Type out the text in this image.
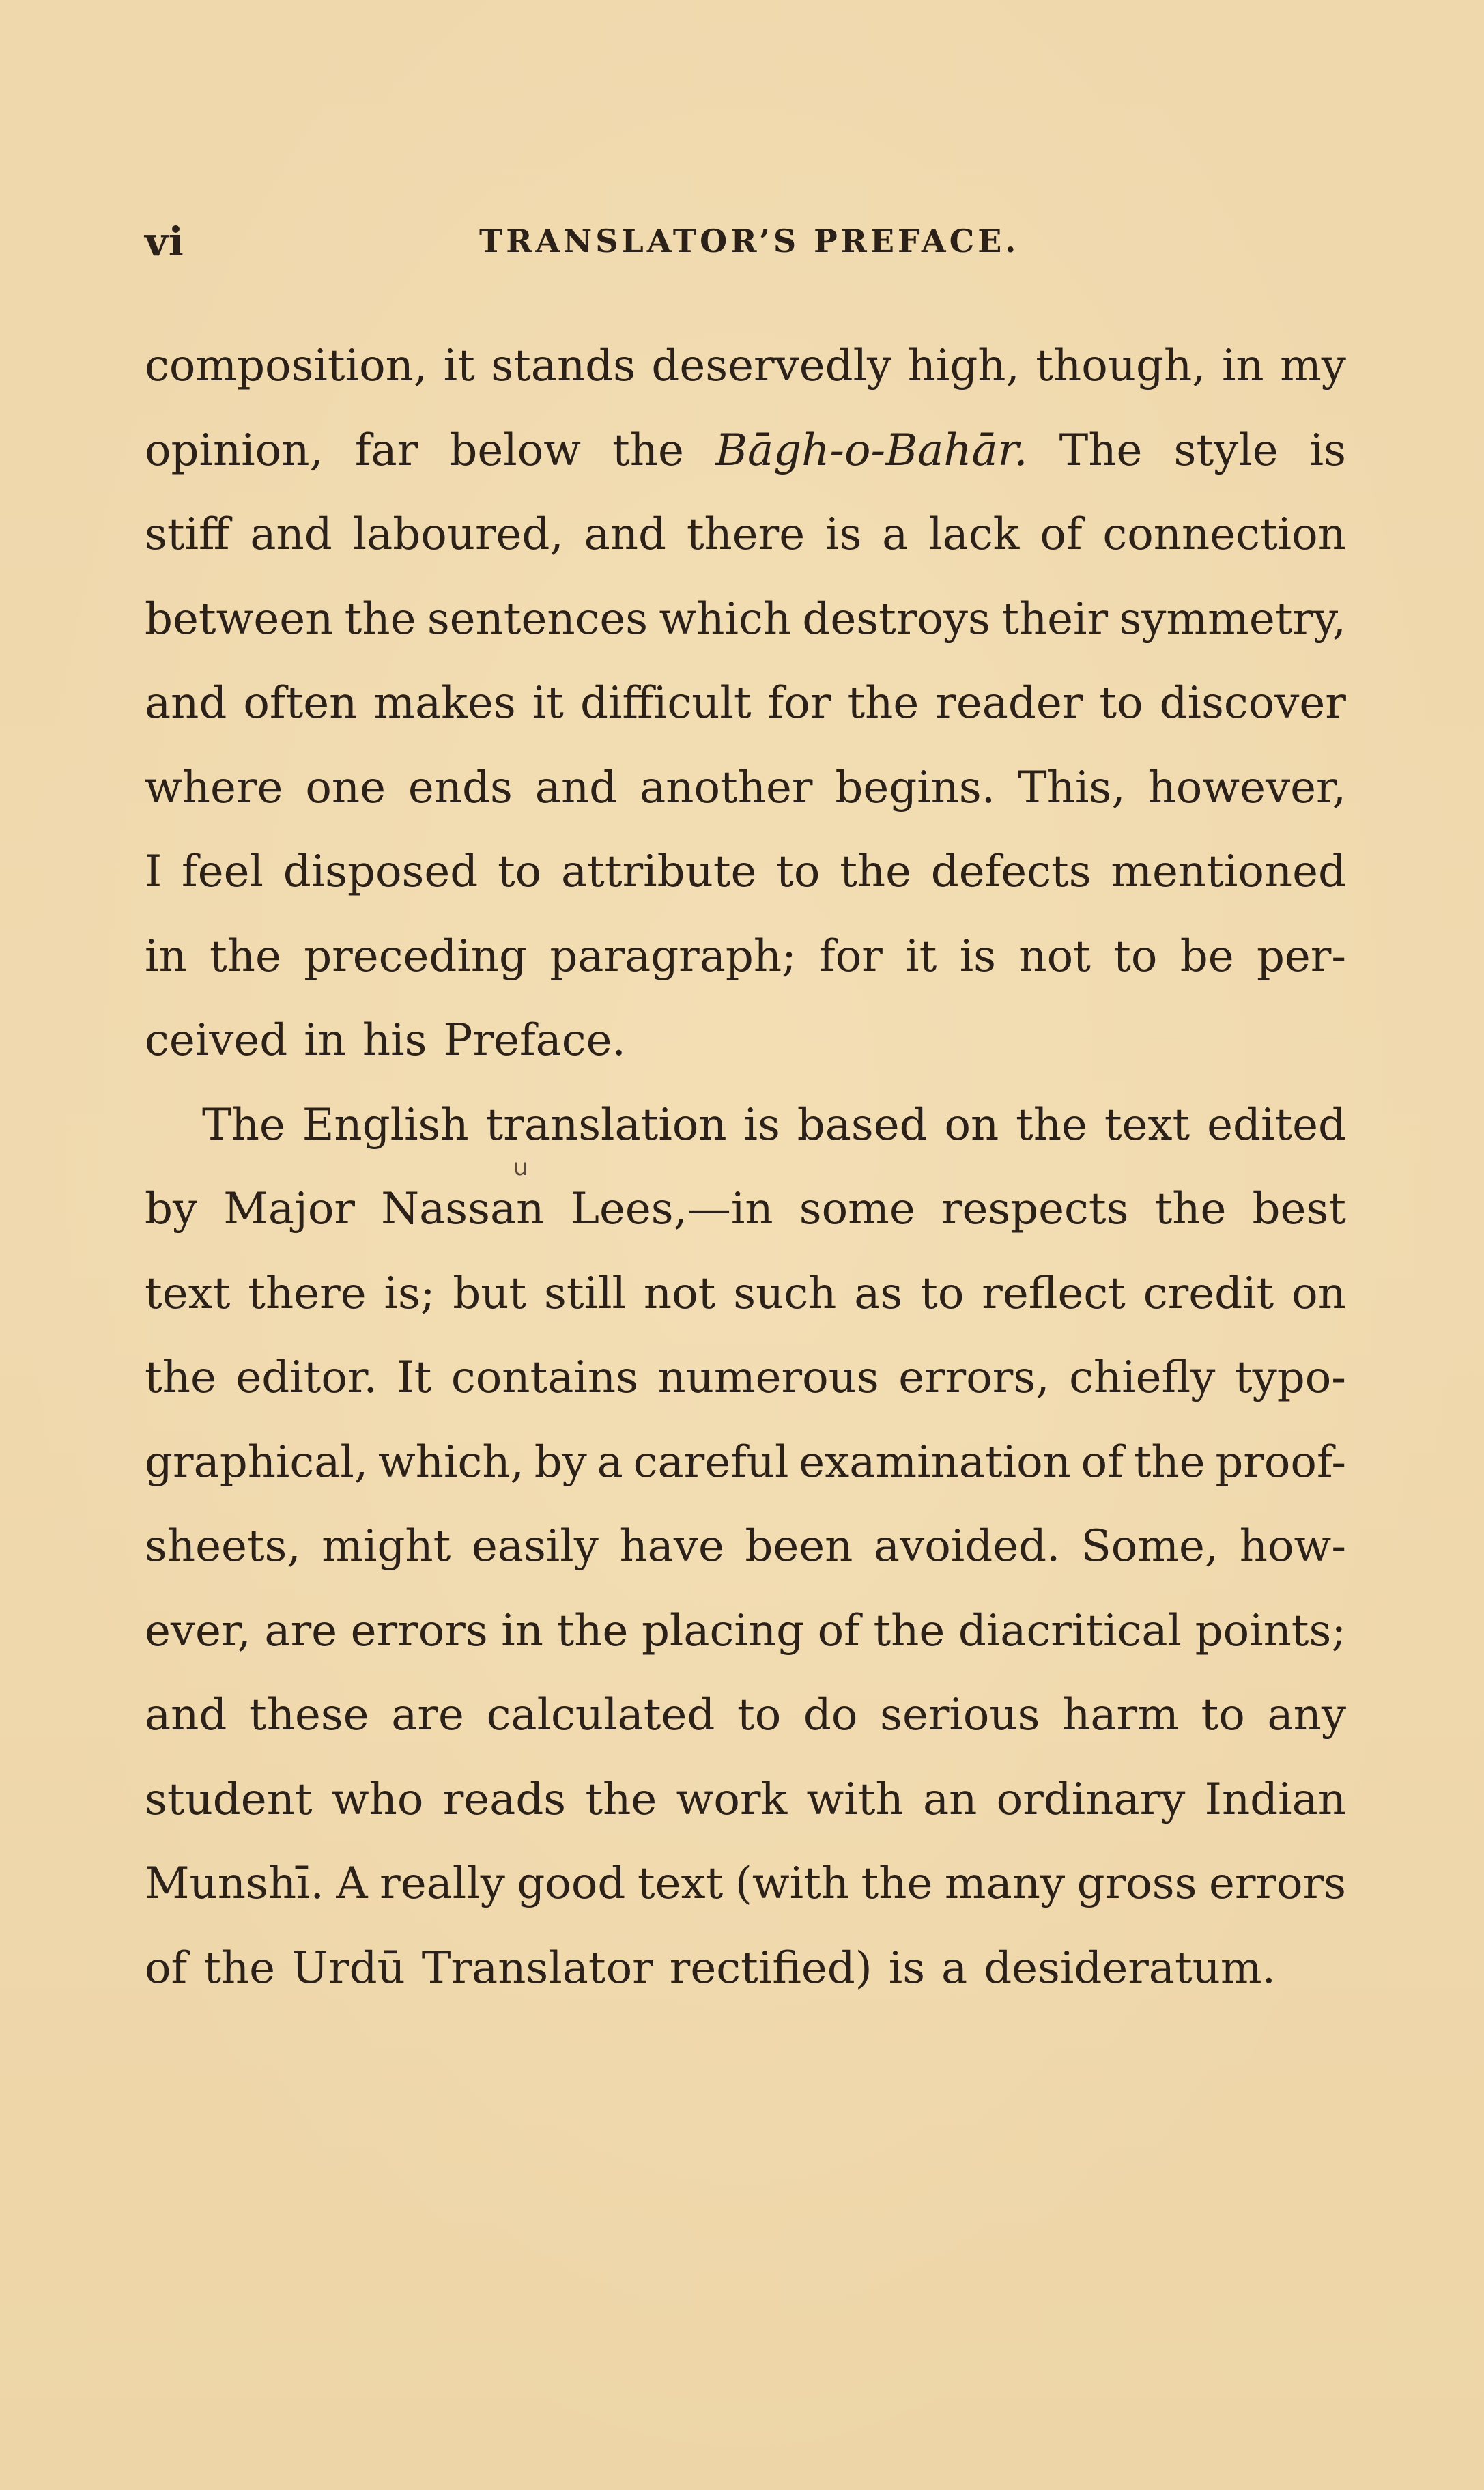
vi	TRANSLATOR’S PREFACE.
composition, it stands deservedly high, though, in my
opinion, far below the Bāgh-o-Bahār. The style is
stiff and laboured, and there is a lack of connection
between the sentences which destroys their symmetry,
and often makes it difficult for the reader to discover
where one ends and another begins. This, however,
I feel disposed to attribute to the defects mentioned
in the preceding paragraph; for it is not to be per-
ceived in his Preface.
The English translation is based on the text edited
by Major Nassan Lees,—in some respects the best
text there is; but still not such as to reflect credit on
the editor. It contains numerous errors, chiefly typo-
graphical, which, by a careful examination of the proof-
sheets, might easily have been avoided. Some, how-
ever, are errors in the placing of the diacritical points;
and these are calculated to do serious harm to any
student who reads the work with an ordinary Indian
Munshī. A really good text (with the many gross errors
of the Urdū Translator rectified) is a desideratum.
u
